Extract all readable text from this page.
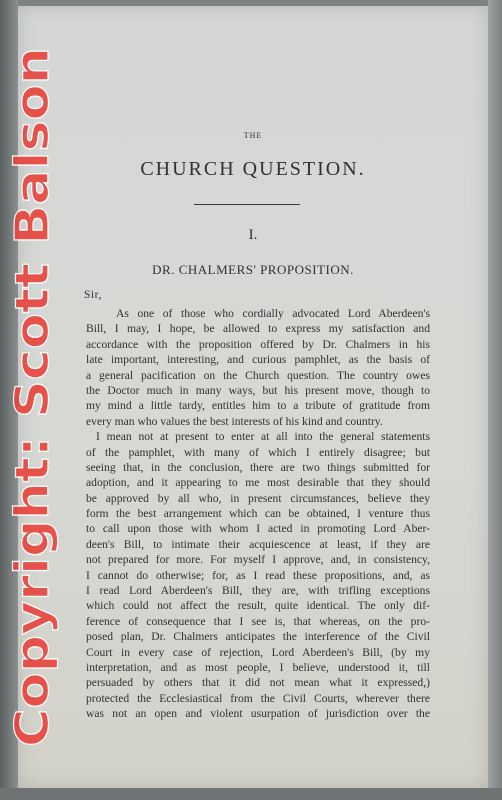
THE
CHURCH QUESTION.
I.
DR. CHALMERS' PROPOSITION.
Sir,
As one of those who cordially advocated Lord Aberdeen's
Bill, I may, I hope, be allowed to express my satisfaction and
accordance with the proposition offered by Dr. Chalmers in his
late important, interesting, and curious pamphlet, as the basis of
a general pacification on the Church question. The country owes
the Doctor much in many ways, but his present move, though to
my mind a little tardy, entitles him to a tribute of gratitude from
every man who values the best interests of his kind and country.
I mean not at present to enter at all into the general statements
of the pamphlet, with many of which I entirely disagree; but
seeing that, in the conclusion, there are two things submitted for
adoption, and it appearing to me most desirable that they should
be approved by all who, in present circumstances, believe they
form the best arrangement which can be obtained, I venture thus
to call upon those with whom I acted in promoting Lord Aber-
deen's Bill, to intimate their acquiescence at least, if they are
not prepared for more. For myself I approve, and, in consistency,
I cannot do otherwise; for, as I read these propositions, and, as
I read Lord Aberdeen's Bill, they are, with trifling exceptions
which could not affect the result, quite identical. The only dif-
ference of consequence that I see is, that whereas, on the pro-
posed plan, Dr. Chalmers anticipates the interference of the Civil
Court in every case of rejection, Lord Aberdeen's Bill, (by my
interpretation, and as most people, I believe, understood it, till
persuaded by others that it did not mean what it expressed,)
protected the Ecclesiastical from the Civil Courts, wherever there
was not an open and violent usurpation of jurisdiction over the
Copyright: Scott Balson
